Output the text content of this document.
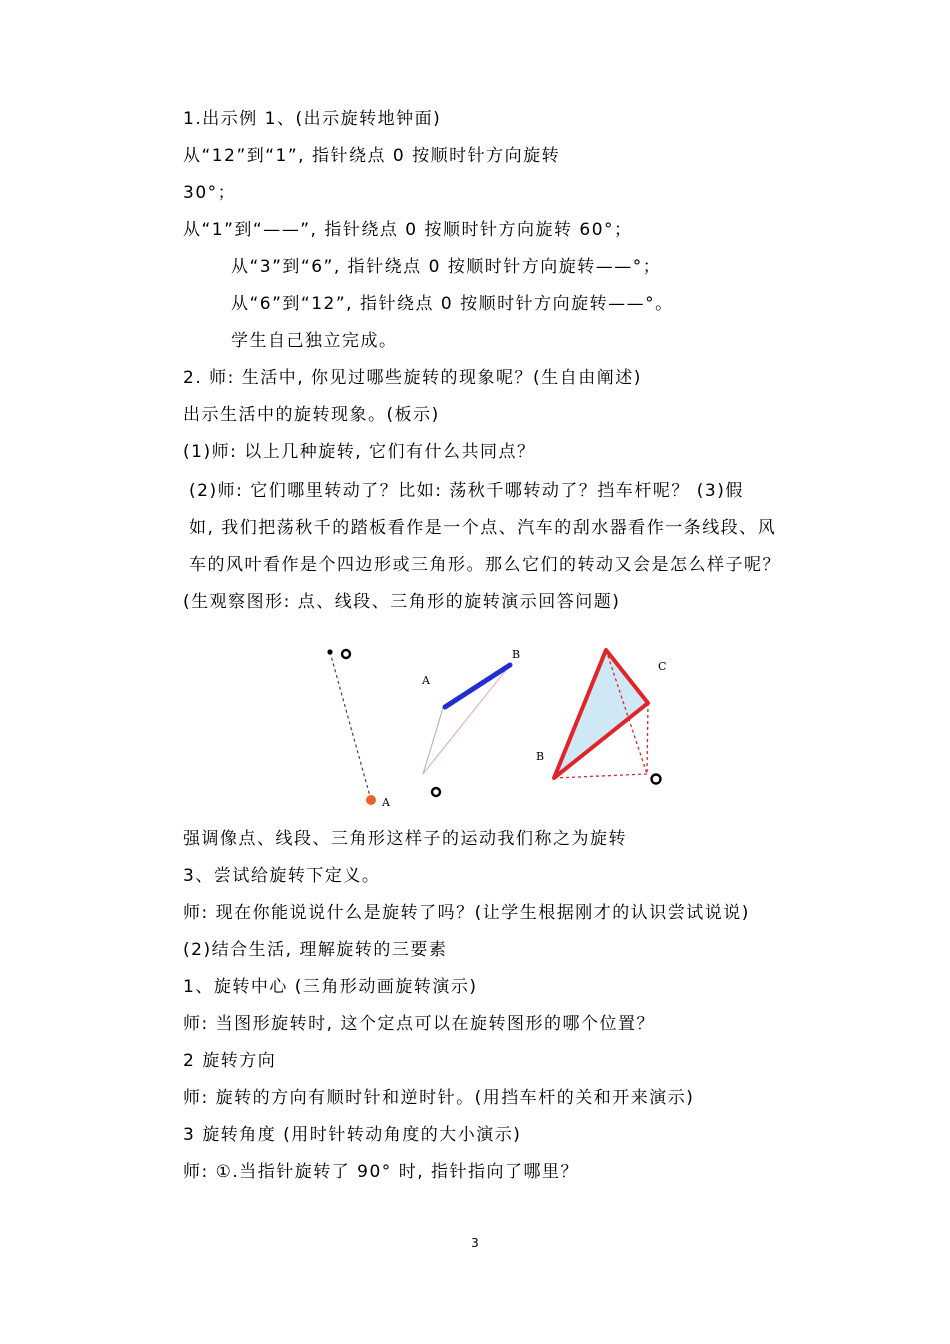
1.出示例 1、(出示旋转地钟面)
从“12”到“1”, 指针绕点 0 按顺时针方向旋转
30°；
从“1”到“——”, 指针绕点 0 按顺时针方向旋转 60°；
从“3”到“6”, 指针绕点 0 按顺时针方向旋转——°；
从“6”到“12”, 指针绕点 0 按顺时针方向旋转——°。
学生自己独立完成。
2. 师: 生活中, 你见过哪些旋转的现象呢？(生自由阐述)
出示生活中的旋转现象。(板示)
(1)师: 以上几种旋转, 它们有什么共同点？
(2)师: 它们哪里转动了？比如: 荡秋千哪转动了？挡车杆呢？ (3)假
如, 我们把荡秋千的踏板看作是一个点、汽车的刮水器看作一条线段、风
车的风叶看作是个四边形或三角形。那么它们的转动又会是怎么样子呢？
(生观察图形: 点、线段、三角形的旋转演示回答问题)
A
A
B
B
C
强调像点、线段、三角形这样子的运动我们称之为旋转
3、尝试给旋转下定义。
师: 现在你能说说什么是旋转了吗？(让学生根据刚才的认识尝试说说)
(2)结合生活, 理解旋转的三要素
1、旋转中心 (三角形动画旋转演示)
师: 当图形旋转时, 这个定点可以在旋转图形的哪个位置？
2 旋转方向
师: 旋转的方向有顺时针和逆时针。(用挡车杆的关和开来演示)
3 旋转角度 (用时针转动角度的大小演示)
师: ①.当指针旋转了 90° 时, 指针指向了哪里？
3
